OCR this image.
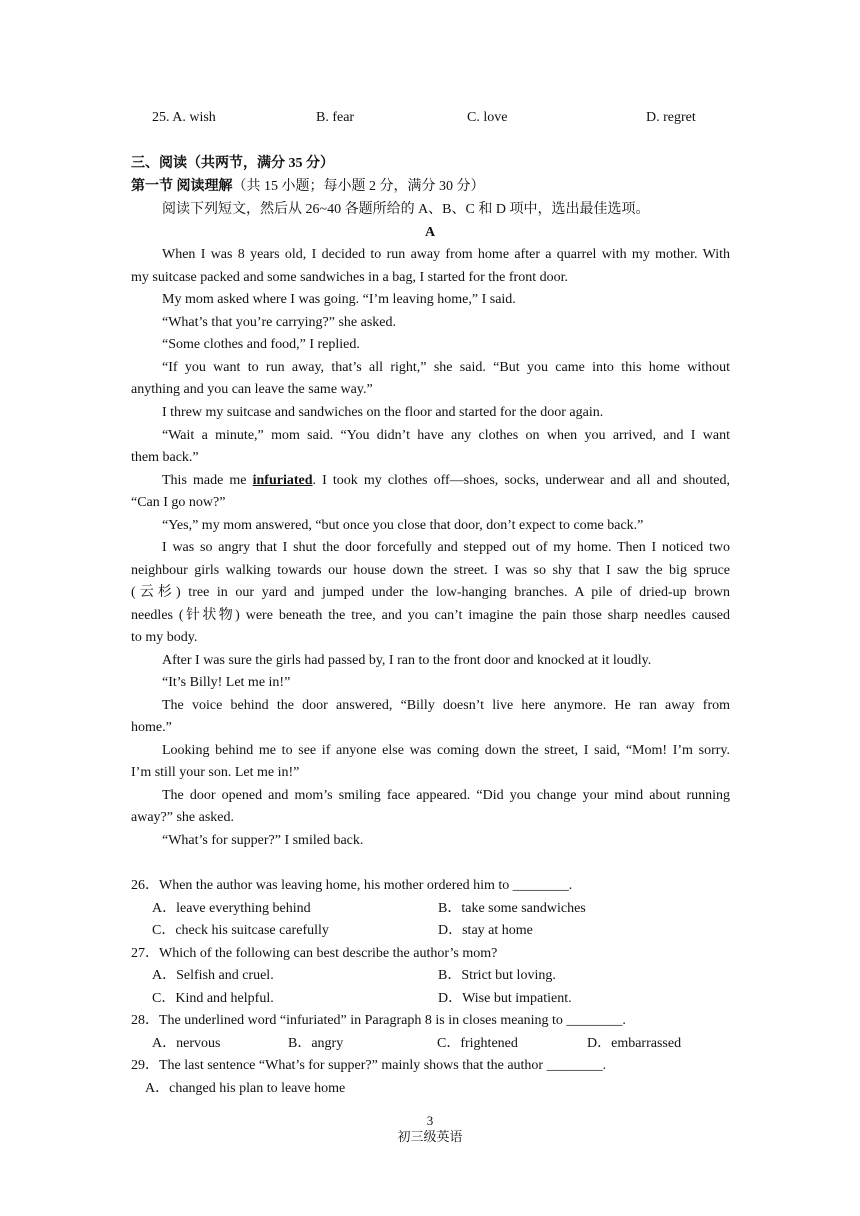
25. A. wish	B. fear	C. love	D. regret
三、阅读（共两节，满分 35 分）
第一节 阅读理解（共 15 小题；每小题 2 分，满分 30 分）
阅读下列短文，然后从 26~40 各题所给的 A、B、C 和 D 项中，选出最佳选项。
A
When I was 8 years old, I decided to run away from home after a quarrel with my mother. With
my suitcase packed and some sandwiches in a bag, I started for the front door.
My mom asked where I was going. “I’m leaving home,” I said.
“What’s that you’re carrying?” she asked.
“Some clothes and food,” I replied.
“If you want to run away, that’s all right,” she said. “But you came into this home without
anything and you can leave the same way.”
I threw my suitcase and sandwiches on the floor and started for the door again.
“Wait a minute,” mom said. “You didn’t have any clothes on when you arrived, and I want
them back.”
This made me infuriated. I took my clothes off—shoes, socks, underwear and all and shouted,
“Can I go now?”
“Yes,” my mom answered, “but once you close that door, don’t expect to come back.”
I was so angry that I shut the door forcefully and stepped out of my home. Then I noticed two
neighbour girls walking towards our house down the street. I was so shy that I saw the big spruce
(云杉) tree in our yard and jumped under the low-hanging branches. A pile of dried-up brown
needles (针状物) were beneath the tree, and you can’t imagine the pain those sharp needles caused
to my body.
After I was sure the girls had passed by, I ran to the front door and knocked at it loudly.
“It’s Billy! Let me in!”
The voice behind the door answered, “Billy doesn’t live here anymore. He ran away from
home.”
Looking behind me to see if anyone else was coming down the street, I said, “Mom! I’m sorry.
I’m still your son. Let me in!”
The door opened and mom’s smiling face appeared. “Did you change your mind about running
away?” she asked.
“What’s for supper?” I smiled back.
26．When the author was leaving home, his mother ordered him to ________.
A．leave everything behind	B．take some sandwiches
C．check his suitcase carefully	D．stay at home
27．Which of the following can best describe the author’s mom?
A．Selfish and cruel.	B．Strict but loving.
C．Kind and helpful.	D．Wise but impatient.
28．The underlined word “infuriated” in Paragraph 8 is in closes meaning to ________.
A．nervous	B．angry	C．frightened	D．embarrassed
29．The last sentence “What’s for supper?” mainly shows that the author ________.
A．changed his plan to leave home
3
初三级英语
